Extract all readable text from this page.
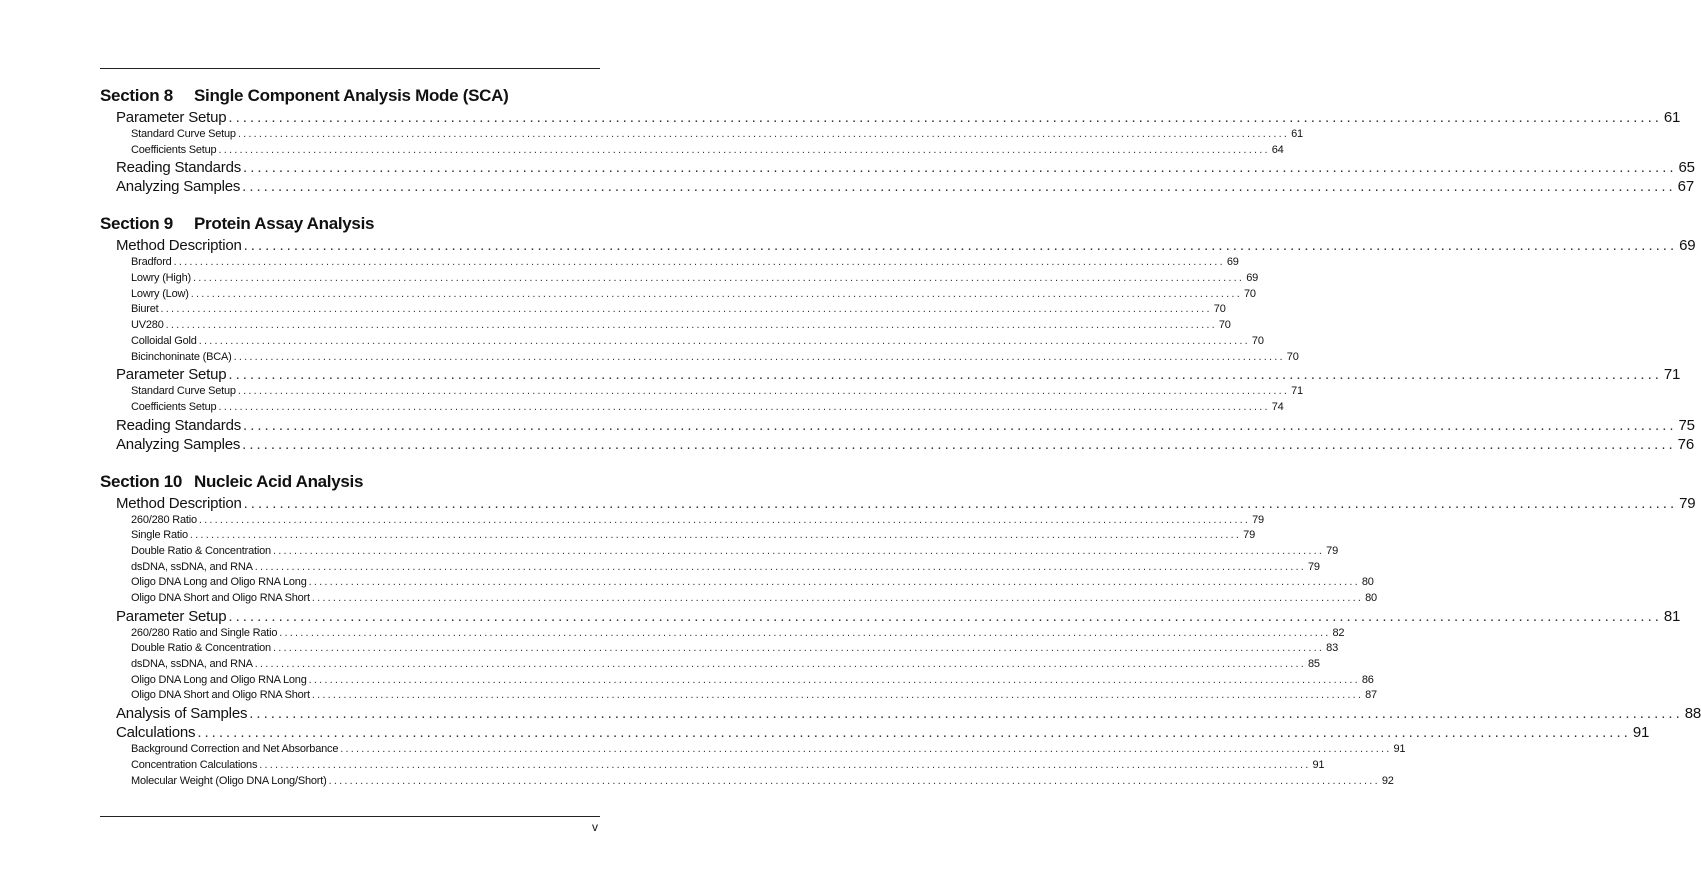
Section 8	Single Component Analysis Mode (SCA)
Parameter Setup ........................................................................................................................................................................................................ 61
Standard Curve Setup ........................................................................................................................................................................................................ 61
Coefficients Setup ........................................................................................................................................................................................................ 64
Reading Standards ........................................................................................................................................................................................................ 65
Analyzing Samples ........................................................................................................................................................................................................ 67
Section 9	Protein Assay Analysis
Method Description ........................................................................................................................................................................................................ 69
Bradford ........................................................................................................................................................................................................ 69
Lowry (High) ........................................................................................................................................................................................................ 69
Lowry (Low) ........................................................................................................................................................................................................ 70
Biuret ........................................................................................................................................................................................................ 70
UV280 ........................................................................................................................................................................................................ 70
Colloidal Gold ........................................................................................................................................................................................................ 70
Bicinchoninate (BCA) ........................................................................................................................................................................................................ 70
Parameter Setup ........................................................................................................................................................................................................ 71
Standard Curve Setup ........................................................................................................................................................................................................ 71
Coefficients Setup ........................................................................................................................................................................................................ 74
Reading Standards ........................................................................................................................................................................................................ 75
Analyzing Samples ........................................................................................................................................................................................................ 76
Section 10 Nucleic Acid Analysis
Method Description ........................................................................................................................................................................................................ 79
260/280 Ratio ........................................................................................................................................................................................................ 79
Single Ratio ........................................................................................................................................................................................................ 79
Double Ratio & Concentration ........................................................................................................................................................................................................ 79
dsDNA, ssDNA, and RNA ........................................................................................................................................................................................................ 79
Oligo DNA Long and Oligo RNA Long ........................................................................................................................................................................................................ 80
Oligo DNA Short and Oligo RNA Short ........................................................................................................................................................................................................ 80
Parameter Setup ........................................................................................................................................................................................................ 81
260/280 Ratio and Single Ratio ........................................................................................................................................................................................................ 82
Double Ratio & Concentration ........................................................................................................................................................................................................ 83
dsDNA, ssDNA, and RNA ........................................................................................................................................................................................................ 85
Oligo DNA Long and Oligo RNA Long ........................................................................................................................................................................................................ 86
Oligo DNA Short and Oligo RNA Short ........................................................................................................................................................................................................ 87
Analysis of Samples ........................................................................................................................................................................................................ 88
Calculations ........................................................................................................................................................................................................ 91
Background Correction and Net Absorbance ........................................................................................................................................................................................................ 91
Concentration Calculations ........................................................................................................................................................................................................ 91
Molecular Weight (Oligo DNA Long/Short) ........................................................................................................................................................................................................ 92
v
